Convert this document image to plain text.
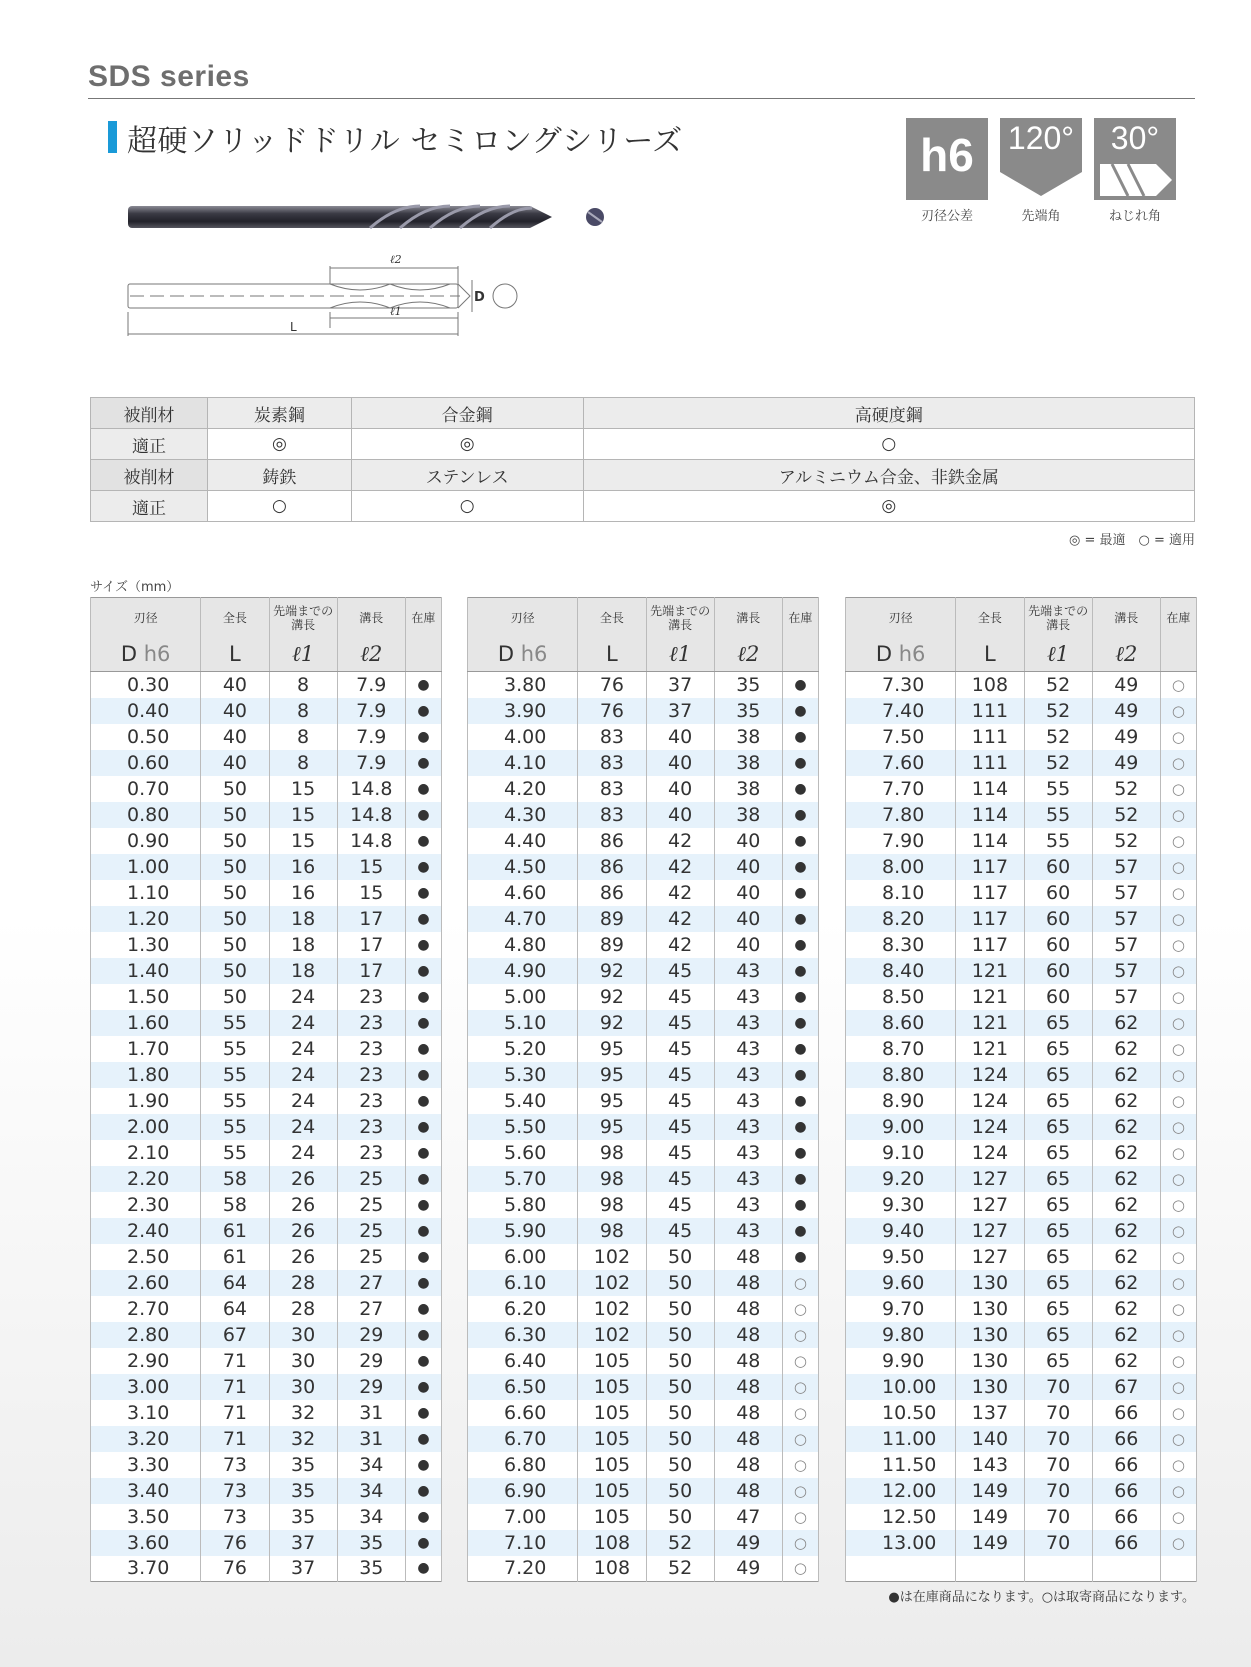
SDS series
超硬ソリッドドリル セミロングシリーズ	h6
刃径公差
120°
先端角
30°
ねじれ角
ℓ2
ℓ1
D
L
被削材	炭素鋼	合金鋼	高硬度鋼
適正	◎	◎	○
被削材	鋳鉄	ステンレス	アルミニウム合金、非鉄金属
適正	○	○	◎
◎ = 最適　○ = 適用
サイズ（mm）
刃径	全長	先端までの溝長	溝長	在庫
D h6	L	ℓ1	ℓ2	
0.30	40	8	7.9	●
0.40	40	8	7.9	●
0.50	40	8	7.9	●
0.60	40	8	7.9	●
0.70	50	15	14.8	●
0.80	50	15	14.8	●
0.90	50	15	14.8	●
1.00	50	16	15	●
1.10	50	16	15	●
1.20	50	18	17	●
1.30	50	18	17	●
1.40	50	18	17	●
1.50	50	24	23	●
1.60	55	24	23	●
1.70	55	24	23	●
1.80	55	24	23	●
1.90	55	24	23	●
2.00	55	24	23	●
2.10	55	24	23	●
2.20	58	26	25	●
2.30	58	26	25	●
2.40	61	26	25	●
2.50	61	26	25	●
2.60	64	28	27	●
2.70	64	28	27	●
2.80	67	30	29	●
2.90	71	30	29	●
3.00	71	30	29	●
3.10	71	32	31	●
3.20	71	32	31	●
3.30	73	35	34	●
3.40	73	35	34	●
3.50	73	35	34	●
3.60	76	37	35	●
3.70	76	37	35	●
刃径	全長	先端までの溝長	溝長	在庫
D h6	L	ℓ1	ℓ2	
3.80	76	37	35	●
3.90	76	37	35	●
4.00	83	40	38	●
4.10	83	40	38	●
4.20	83	40	38	●
4.30	83	40	38	●
4.40	86	42	40	●
4.50	86	42	40	●
4.60	86	42	40	●
4.70	89	42	40	●
4.80	89	42	40	●
4.90	92	45	43	●
5.00	92	45	43	●
5.10	92	45	43	●
5.20	95	45	43	●
5.30	95	45	43	●
5.40	95	45	43	●
5.50	95	45	43	●
5.60	98	45	43	●
5.70	98	45	43	●
5.80	98	45	43	●
5.90	98	45	43	●
6.00	102	50	48	●
6.10	102	50	48	○
6.20	102	50	48	○
6.30	102	50	48	○
6.40	105	50	48	○
6.50	105	50	48	○
6.60	105	50	48	○
6.70	105	50	48	○
6.80	105	50	48	○
6.90	105	50	48	○
7.00	105	50	47	○
7.10	108	52	49	○
7.20	108	52	49	○
刃径	全長	先端までの溝長	溝長	在庫
D h6	L	ℓ1	ℓ2	
7.30	108	52	49	○
7.40	111	52	49	○
7.50	111	52	49	○
7.60	111	52	49	○
7.70	114	55	52	○
7.80	114	55	52	○
7.90	114	55	52	○
8.00	117	60	57	○
8.10	117	60	57	○
8.20	117	60	57	○
8.30	117	60	57	○
8.40	121	60	57	○
8.50	121	60	57	○
8.60	121	65	62	○
8.70	121	65	62	○
8.80	124	65	62	○
8.90	124	65	62	○
9.00	124	65	62	○
9.10	124	65	62	○
9.20	127	65	62	○
9.30	127	65	62	○
9.40	127	65	62	○
9.50	127	65	62	○
9.60	130	65	62	○
9.70	130	65	62	○
9.80	130	65	62	○
9.90	130	65	62	○
10.00	130	70	67	○
10.50	137	70	66	○
11.00	140	70	66	○
11.50	143	70	66	○
12.00	149	70	66	○
12.50	149	70	66	○
13.00	149	70	66	○

●は在庫商品になります。○は取寄商品になります。
